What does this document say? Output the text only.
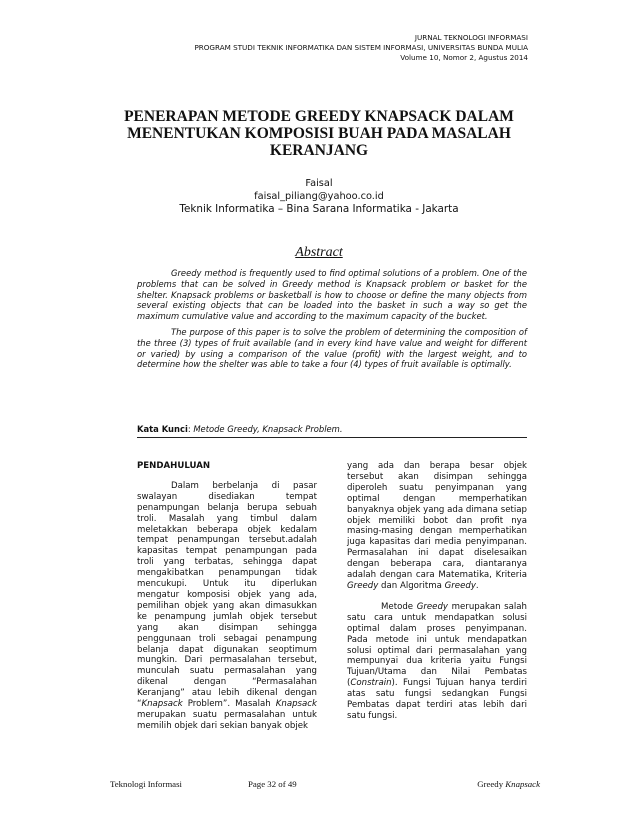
JURNAL TEKNOLOGI INFORMASI
PROGRAM STUDI TEKNIK INFORMATIKA DAN SISTEM INFORMASI, UNIVERSITAS BUNDA MULIA
Volume 10, Nomor 2, Agustus 2014
PENERAPAN METODE GREEDY KNAPSACK DALAM
MENENTUKAN KOMPOSISI BUAH PADA MASALAH
KERANJANG
Faisal
faisal_piliang@yahoo.co.id
Teknik Informatika – Bina Sarana Informatika - Jakarta
Abstract

Greedy method is frequently used to find optimal solutions of a problem. One of the problems that can be solved in Greedy method is Knapsack problem or basket for the shelter. Knapsack problems or basketball is how to choose or define the many objects from several existing objects that can be loaded into the basket in such a way so get the maximum cumulative value and according to the maximum capacity of the bucket.

The purpose of this paper is to solve the problem of determining the composition of the three (3) types of fruit available (and in every kind have value and weight for different or varied) by using a comparison of the value (profit) with the largest weight, and to determine how the shelter was able to take a four (4) types of fruit available is optimally.

Kata Kunci: Metode Greedy, Knapsack Problem.
PENDAHULUAN

Dalam berbelanja di pasar swalayan disediakan tempat penampungan belanja berupa sebuah troli. Masalah yang timbul dalam meletakkan beberapa objek kedalam tempat penampungan tersebut.adalah kapasitas tempat penampungan pada troli yang terbatas, sehingga dapat mengakibatkan penampungan tidak mencukupi. Untuk itu diperlukan mengatur komposisi objek yang ada, pemilihan objek yang akan dimasukkan ke penampung jumlah objek tersebut yang akan disimpan sehingga penggunaan troli sebagai penampung belanja dapat digunakan seoptimum mungkin. Dari permasalahan tersebut, munculah suatu permasalahan yang dikenal dengan “Permasalahan Keranjang” atau lebih dikenal dengan “Knapsack Problem”. Masalah Knapsack merupakan suatu permasalahan untuk memilih objek dari sekian banyak objek

yang ada dan berapa besar objek tersebut akan disimpan sehingga diperoleh suatu penyimpanan yang optimal dengan memperhatikan banyaknya objek yang ada dimana setiap objek memiliki bobot dan profit nya masing-masing dengan memperhatikan juga kapasitas dari media penyimpanan. Permasalahan ini dapat diselesaikan dengan beberapa cara, diantaranya adalah dengan cara Matematika, Kriteria Greedy dan Algoritma Greedy.

Metode Greedy merupakan salah satu cara untuk mendapatkan solusi optimal dalam proses penyimpanan. Pada metode ini untuk mendapatkan solusi optimal dari permasalahan yang mempunyai dua kriteria yaitu Fungsi Tujuan/Utama dan Nilai Pembatas (Constrain). Fungsi Tujuan hanya terdiri atas satu fungsi sedangkan Fungsi Pembatas dapat terdiri atas lebih dari satu fungsi.

Teknologi Informasi	Page 32 of 49	Greedy Knapsack
